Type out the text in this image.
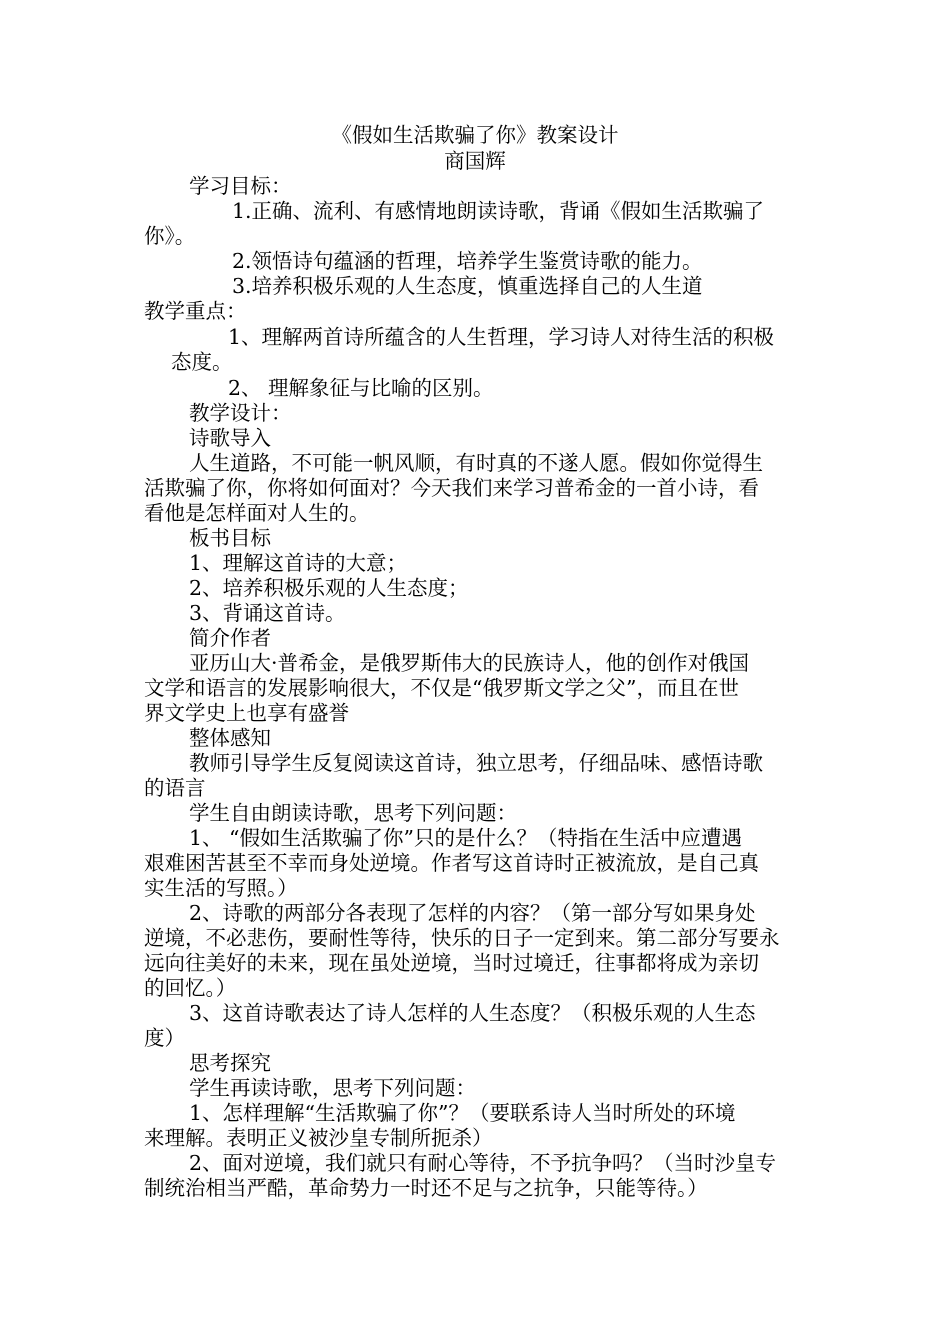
《假如生活欺骗了你》教案设计
商国辉
学习目标：
1.正确、流利、有感情地朗读诗歌，背诵《假如生活欺骗了
你》。
2.领悟诗句蕴涵的哲理，培养学生鉴赏诗歌的能力。
3.培养积极乐观的人生态度，慎重选择自己的人生道
教学重点：
1、理解两首诗所蕴含的人生哲理，学习诗人对待生活的积极
态度。
2、 理解象征与比喻的区别。
教学设计：
诗歌导入
人生道路，不可能一帆风顺，有时真的不遂人愿。假如你觉得生
活欺骗了你，你将如何面对？今天我们来学习普希金的一首小诗，看
看他是怎样面对人生的。
板书目标
1、理解这首诗的大意；
2、培养积极乐观的人生态度；
3、背诵这首诗。
简介作者
亚历山大·普希金，是俄罗斯伟大的民族诗人，他的创作对俄国
文学和语言的发展影响很大，不仅是“俄罗斯文学之父”，而且在世
界文学史上也享有盛誉
整体感知
教师引导学生反复阅读这首诗，独立思考，仔细品味、感悟诗歌
的语言
学生自由朗读诗歌，思考下列问题：
1、 “假如生活欺骗了你”只的是什么？（特指在生活中应遭遇
艰难困苦甚至不幸而身处逆境。作者写这首诗时正被流放，是自己真
实生活的写照。）
2、诗歌的两部分各表现了怎样的内容？（第一部分写如果身处
逆境，不必悲伤，要耐性等待，快乐的日子一定到来。第二部分写要永
远向往美好的未来，现在虽处逆境，当时过境迁，往事都将成为亲切
的回忆。）
3、这首诗歌表达了诗人怎样的人生态度？（积极乐观的人生态
度）
思考探究
学生再读诗歌，思考下列问题：
1、怎样理解“生活欺骗了你”？（要联系诗人当时所处的环境
来理解。表明正义被沙皇专制所扼杀）
2、面对逆境，我们就只有耐心等待，不予抗争吗？（当时沙皇专
制统治相当严酷，革命势力一时还不足与之抗争，只能等待。）
